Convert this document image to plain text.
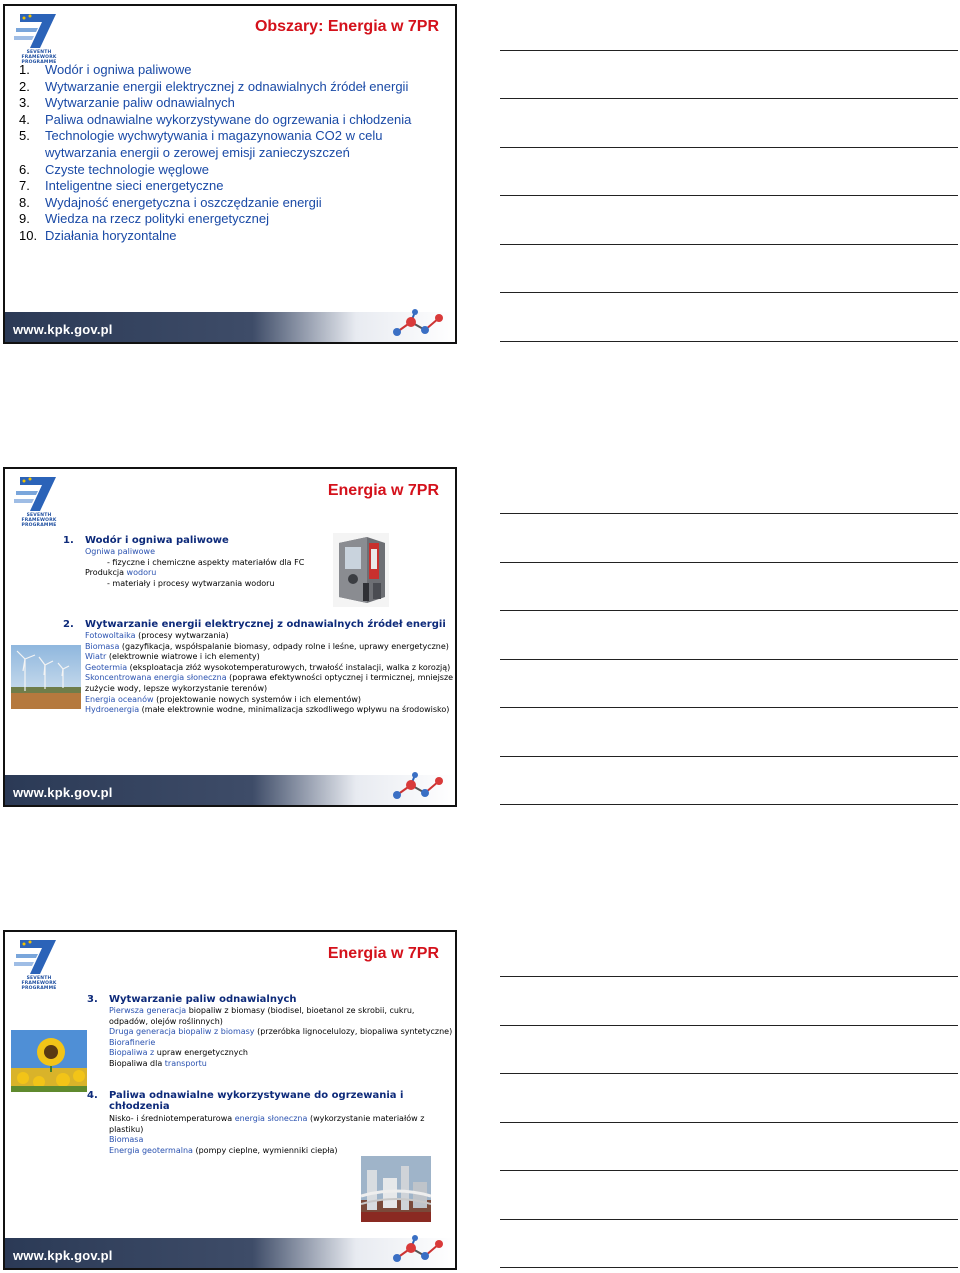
SEVENTH FRAMEWORK PROGRAMME
Obszary: Energia w 7PR
1.	Wodór i ogniwa paliwowe
2.	Wytwarzanie energii elektrycznej z odnawialnych źródeł energii
3.	Wytwarzanie paliw odnawialnych
4.	Paliwa odnawialne wykorzystywane do ogrzewania i chłodzenia
5.	Technologie wychwytywania i magazynowania CO2 w celu wytwarzania energii o zerowej emisji zanieczyszczeń
6.	Czyste technologie węglowe
7.	Inteligentne sieci energetyczne
8.	Wydajność energetyczna i oszczędzanie energii
9.	Wiedza na rzecz polityki energetycznej
10. Działania horyzontalne
www.kpk.gov.pl
SEVENTH FRAMEWORK PROGRAMME
Energia w 7PR
1. Wodór i ogniwa paliwowe
Ogniwa paliwowe
- fizyczne i chemiczne aspekty materiałów dla FC
Produkcja wodoru
- materiały i procesy wytwarzania wodoru
2. Wytwarzanie energii elektrycznej z odnawialnych źródeł energii
Fotowoltaika (procesy wytwarzania)
Biomasa (gazyfikacja, współspalanie biomasy, odpady rolne i leśne, uprawy energetyczne)
Wiatr (elektrownie wiatrowe i ich elementy)
Geotermia (eksploatacja złóż wysokotemperaturowych, trwałość instalacji, walka z korozją)
Skoncentrowana energia słoneczna (poprawa efektywności optycznej i termicznej, mniejsze zużycie wody, lepsze wykorzystanie terenów)
Energia oceanów (projektowanie nowych systemów i ich elementów)
Hydroenergia (małe elektrownie wodne, minimalizacja szkodliwego wpływu na środowisko)
www.kpk.gov.pl
SEVENTH FRAMEWORK PROGRAMME
Energia w 7PR
3. Wytwarzanie paliw odnawialnych
Pierwsza generacja biopaliw z biomasy (biodisel, bioetanol ze skrobii, cukru, odpadów, olejów roślinnych)
Druga generacja biopaliw z biomasy (przeróbka lignocelulozy, biopaliwa syntetyczne)
Biorafinerie
Biopaliwa z upraw energetycznych
Biopaliwa dla transportu
4. Paliwa odnawialne wykorzystywane do ogrzewania i chłodzenia
Nisko- i średniotemperaturowa energia słoneczna (wykorzystanie materiałów z plastiku)
Biomasa
Energia geotermalna (pompy cieplne, wymienniki ciepła)
www.kpk.gov.pl
